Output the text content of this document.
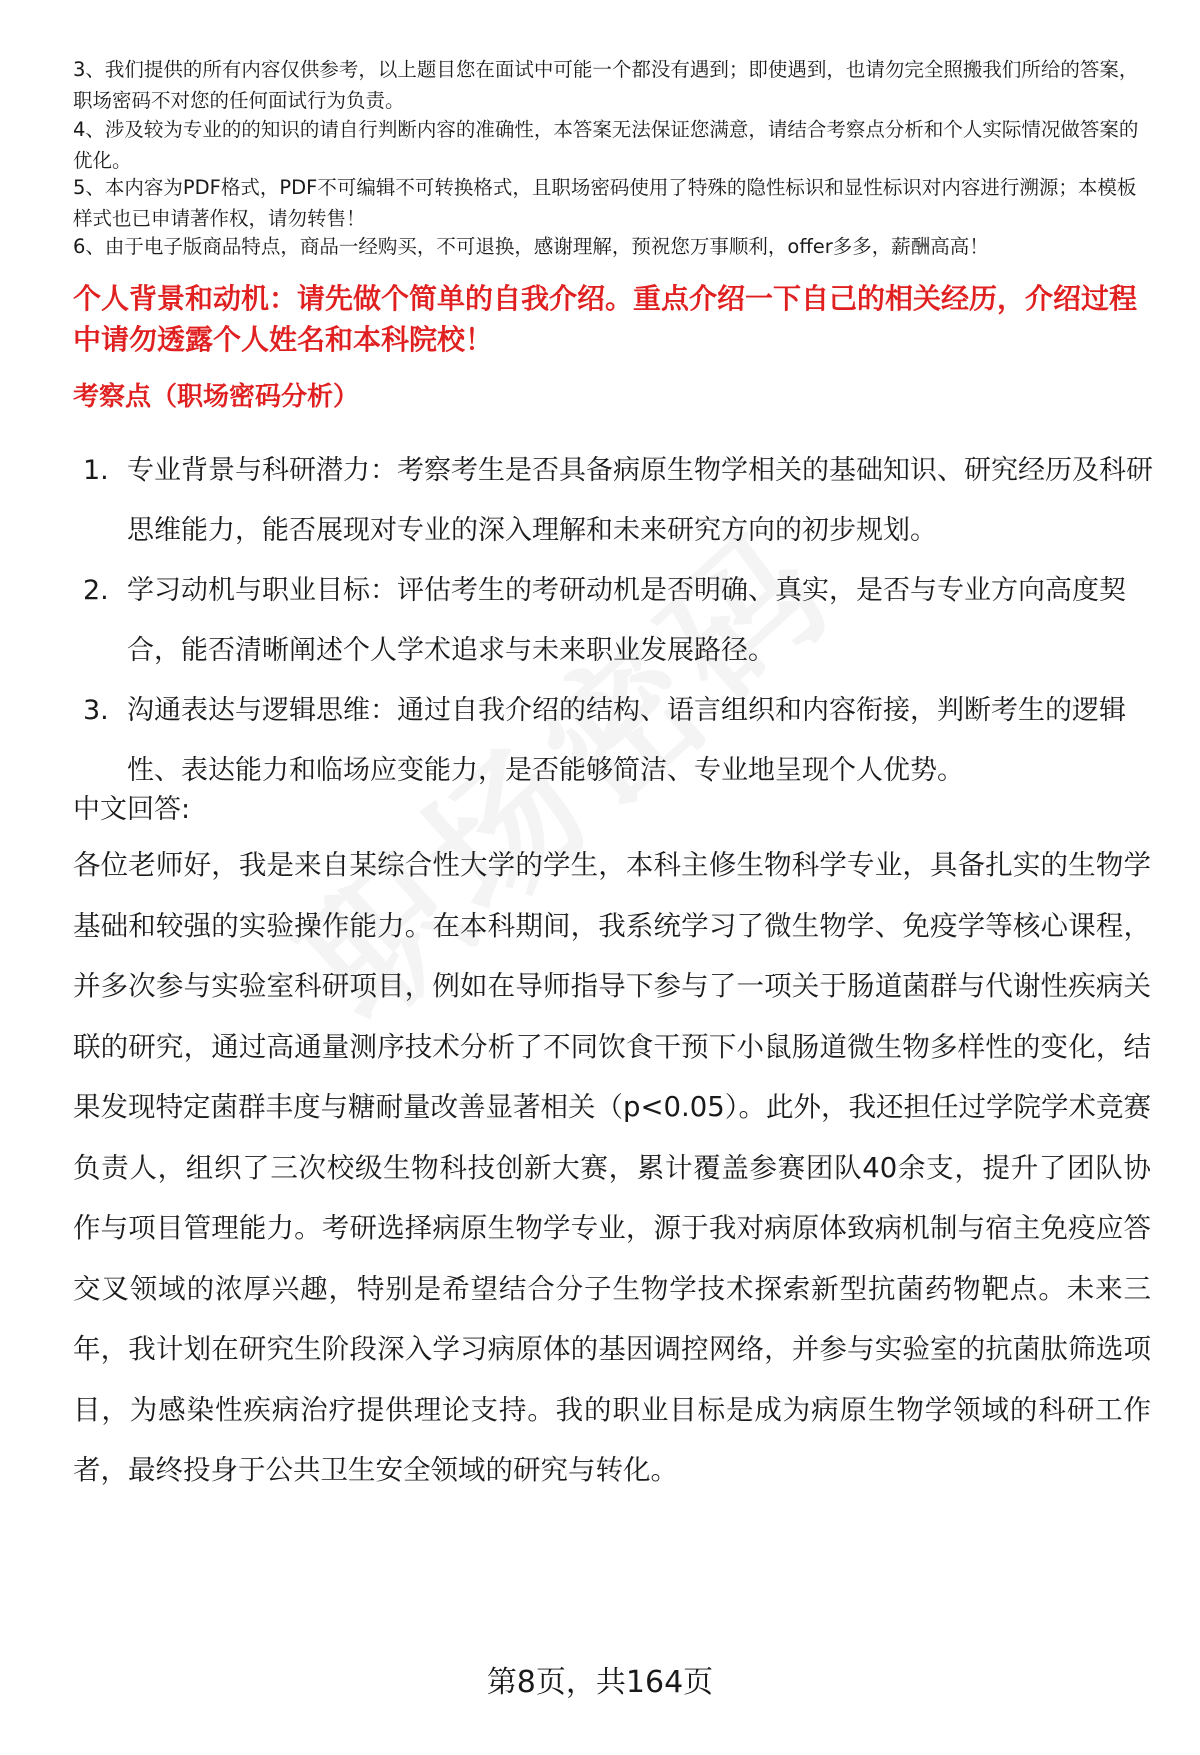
3、我们提供的所有内容仅供参考，以上题目您在面试中可能一个都没有遇到；即使遇到，也请勿完全照搬我们所给的答案，职场密码不对您的任何面试行为负责。
4、涉及较为专业的的知识的请自行判断内容的准确性，本答案无法保证您满意，请结合考察点分析和个人实际情况做答案的优化。
5、本内容为PDF格式，PDF不可编辑不可转换格式，且职场密码使用了特殊的隐性标识和显性标识对内容进行溯源；本模板样式也已申请著作权，请勿转售！
6、由于电子版商品特点，商品一经购买，不可退换，感谢理解，预祝您万事顺利，offer多多，薪酬高高！
个人背景和动机：请先做个简单的自我介绍。重点介绍一下自己的相关经历，介绍过程中请勿透露个人姓名和本科院校！
考察点（职场密码分析）
1. 专业背景与科研潜力：考察考生是否具备病原生物学相关的基础知识、研究经历及科研思维能力，能否展现对专业的深入理解和未来研究方向的初步规划。
2. 学习动机与职业目标：评估考生的考研动机是否明确、真实，是否与专业方向高度契合，能否清晰阐述个人学术追求与未来职业发展路径。
3. 沟通表达与逻辑思维：通过自我介绍的结构、语言组织和内容衔接，判断考生的逻辑性、表达能力和临场应变能力，是否能够简洁、专业地呈现个人优势。
中文回答:
各位老师好，我是来自某综合性大学的学生，本科主修生物科学专业，具备扎实的生物学基础和较强的实验操作能力。在本科期间，我系统学习了微生物学、免疫学等核心课程，并多次参与实验室科研项目，例如在导师指导下参与了一项关于肠道菌群与代谢性疾病关联的研究，通过高通量测序技术分析了不同饮食干预下小鼠肠道微生物多样性的变化，结果发现特定菌群丰度与糖耐量改善显著相关（p<0.05）。此外，我还担任过学院学术竞赛负责人，组织了三次校级生物科技创新大赛，累计覆盖参赛团队40余支，提升了团队协作与项目管理能力。考研选择病原生物学专业，源于我对病原体致病机制与宿主免疫应答交叉领域的浓厚兴趣，特别是希望结合分子生物学技术探索新型抗菌药物靶点。未来三年，我计划在研究生阶段深入学习病原体的基因调控网络，并参与实验室的抗菌肽筛选项目，为感染性疾病治疗提供理论支持。我的职业目标是成为病原生物学领域的科研工作者，最终投身于公共卫生安全领域的研究与转化。
第8页，共164页
